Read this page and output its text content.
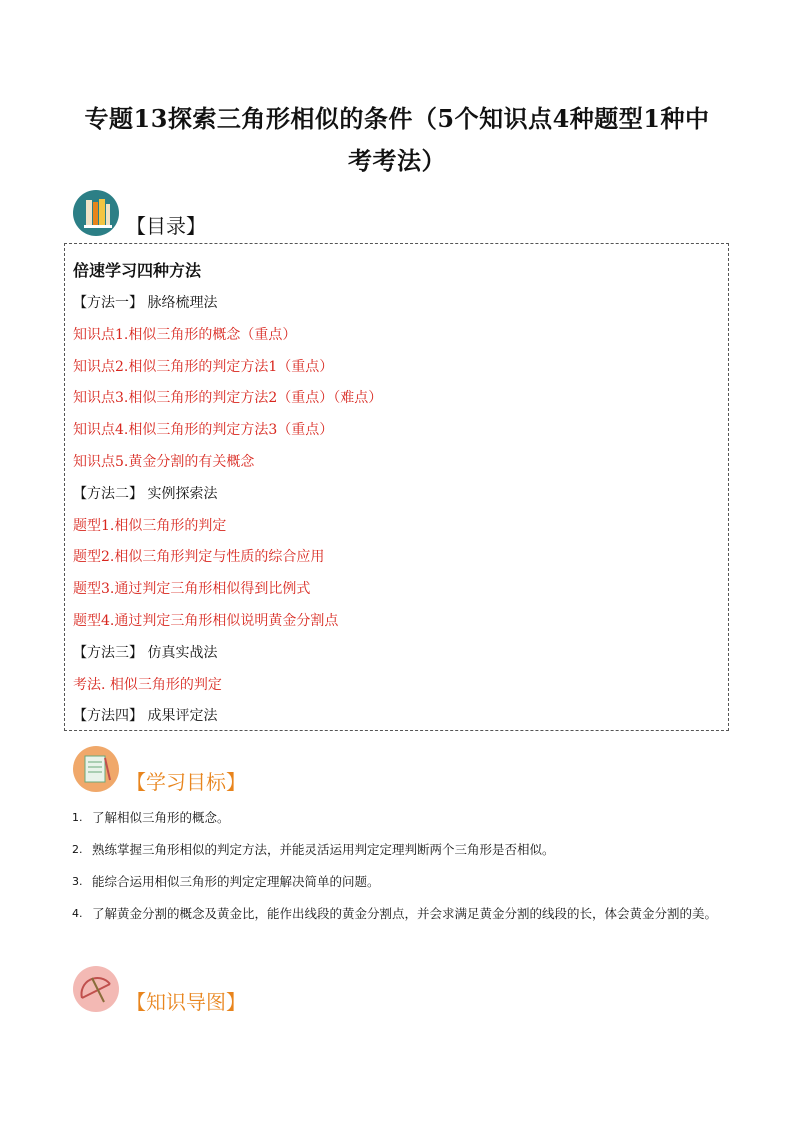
专题13探索三角形相似的条件（5个知识点4种题型1种中
考考法）
【目录】
倍速学习四种方法
【方法一】 脉络梳理法
知识点1.相似三角形的概念（重点）
知识点2.相似三角形的判定方法1（重点）
知识点3.相似三角形的判定方法2（重点）（难点）
知识点4.相似三角形的判定方法3（重点）
知识点5.黄金分割的有关概念
【方法二】 实例探索法
题型1.相似三角形的判定
题型2.相似三角形判定与性质的综合应用
题型3.通过判定三角形相似得到比例式
题型4.通过判定三角形相似说明黄金分割点
【方法三】 仿真实战法
考法. 相似三角形的判定
【方法四】 成果评定法
【学习目标】
1. 了解相似三角形的概念。
2. 熟练掌握三角形相似的判定方法，并能灵活运用判定定理判断两个三角形是否相似。
3. 能综合运用相似三角形的判定定理解决简单的问题。
4. 了解黄金分割的概念及黄金比，能作出线段的黄金分割点，并会求满足黄金分割的线段的长，体会黄金分割的美。
【知识导图】
